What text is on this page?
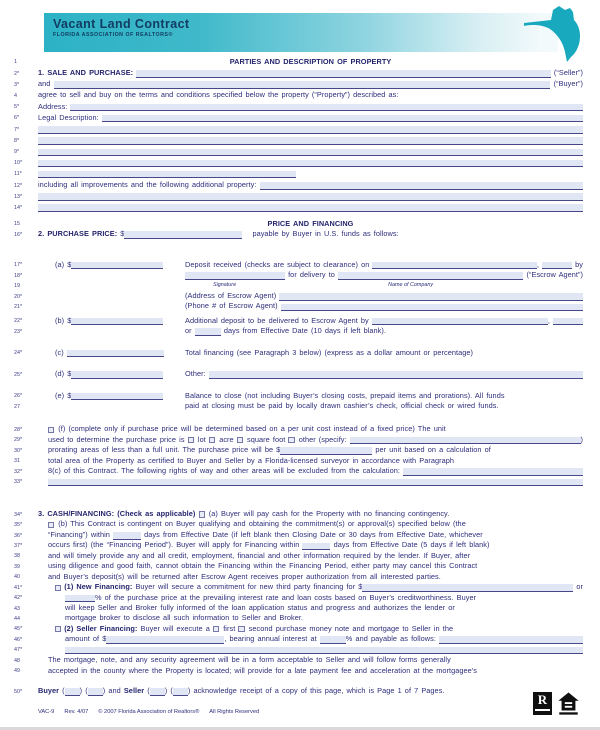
Vacant Land Contract
FLORIDA ASSOCIATION OF REALTORS®
1	PARTIES AND DESCRIPTION OF PROPERTY
2*	1. SALE AND PURCHASE:	(“Seller”)
3*	and	(“Buyer”)
4	agree to sell and buy on the terms and conditions specified below the property (“Property”) described as:
5*	Address:
6*	Legal Description:
7*
8*
9*
10*
11*
12*	including all improvements and the following additional property:
13*
14*
15	PRICE AND FINANCING
16*	2. PURCHASE PRICE: $	payable by Buyer in U.S. funds as follows:
17*	(a) $	Deposit received (checks are subject to clearance) on	,	by
18*	for delivery to	(“Escrow Agent”)
19	Signature	Name of Company
20*	(Address of Escrow Agent)
21*	(Phone # of Escrow Agent)
22*	(b) $	Additional deposit to be delivered to Escrow Agent by	,
23*	or	days from Effective Date (10 days if left blank).
24*	(c)	Total financing (see Paragraph 3 below) (express as a dollar amount or percentage)
25*	(d) $	Other:
26*	(e) $	Balance to close (not including Buyer’s closing costs, prepaid items and prorations). All funds
27	paid at closing must be paid by locally drawn cashier’s check, official check or wired funds.
28*	(f) (complete only if purchase price will be determined based on a per unit cost instead of a fixed price) The unit
29*	used to determine the purchase price is lot acre square foot other (specify:	)
30*	prorating areas of less than a full unit. The purchase price will be $	per unit based on a calculation of
31	total area of the Property as certified to Buyer and Seller by a Florida-licensed surveyor in accordance with Paragraph
32*	8(c) of this Contract. The following rights of way and other areas will be excluded from the calculation:
33*
34*	3. CASH/FINANCING: (Check as applicable) (a) Buyer will pay cash for the Property with no financing contingency.
35*	(b) This Contract is contingent on Buyer qualifying and obtaining the commitment(s) or approval(s) specified below (the
36*	“Financing”) within	days from Effective Date (if left blank then Closing Date or 30 days from Effective Date, whichever
37*	occurs first) (the “Financing Period”). Buyer will apply for Financing within	days from Effective Date (5 days if left blank)
38	and will timely provide any and all credit, employment, financial and other information required by the lender. If Buyer, after
39	using diligence and good faith, cannot obtain the Financing within the Financing Period, either party may cancel this Contract
40	and Buyer’s deposit(s) will be returned after Escrow Agent receives proper authorization from all interested parties.
41*	(1) New Financing: Buyer will secure a commitment for new third party financing for $	or
42*	% of the purchase price at the prevailing interest rate and loan costs based on Buyer’s creditworthiness. Buyer
43	will keep Seller and Broker fully informed of the loan application status and progress and authorizes the lender or
44	mortgage broker to disclose all such information to Seller and Broker.
45*	(2) Seller Financing: Buyer will execute a first second purchase money note and mortgage to Seller in the
46*	amount of $	, bearing annual interest at	% and payable as follows:
47*
48	The mortgage, note, and any security agreement will be in a form acceptable to Seller and will follow forms generally
49	accepted in the county where the Property is located; will provide for a late payment fee and acceleration at the mortgagee’s
50*	Buyer ( ) ( ) and Seller ( ) ( ) acknowledge receipt of a copy of this page, which is Page 1 of 7 Pages.
VAC-9 Rev. 4/07 © 2007 Florida Association of Realtors® All Rights Reserved
R
